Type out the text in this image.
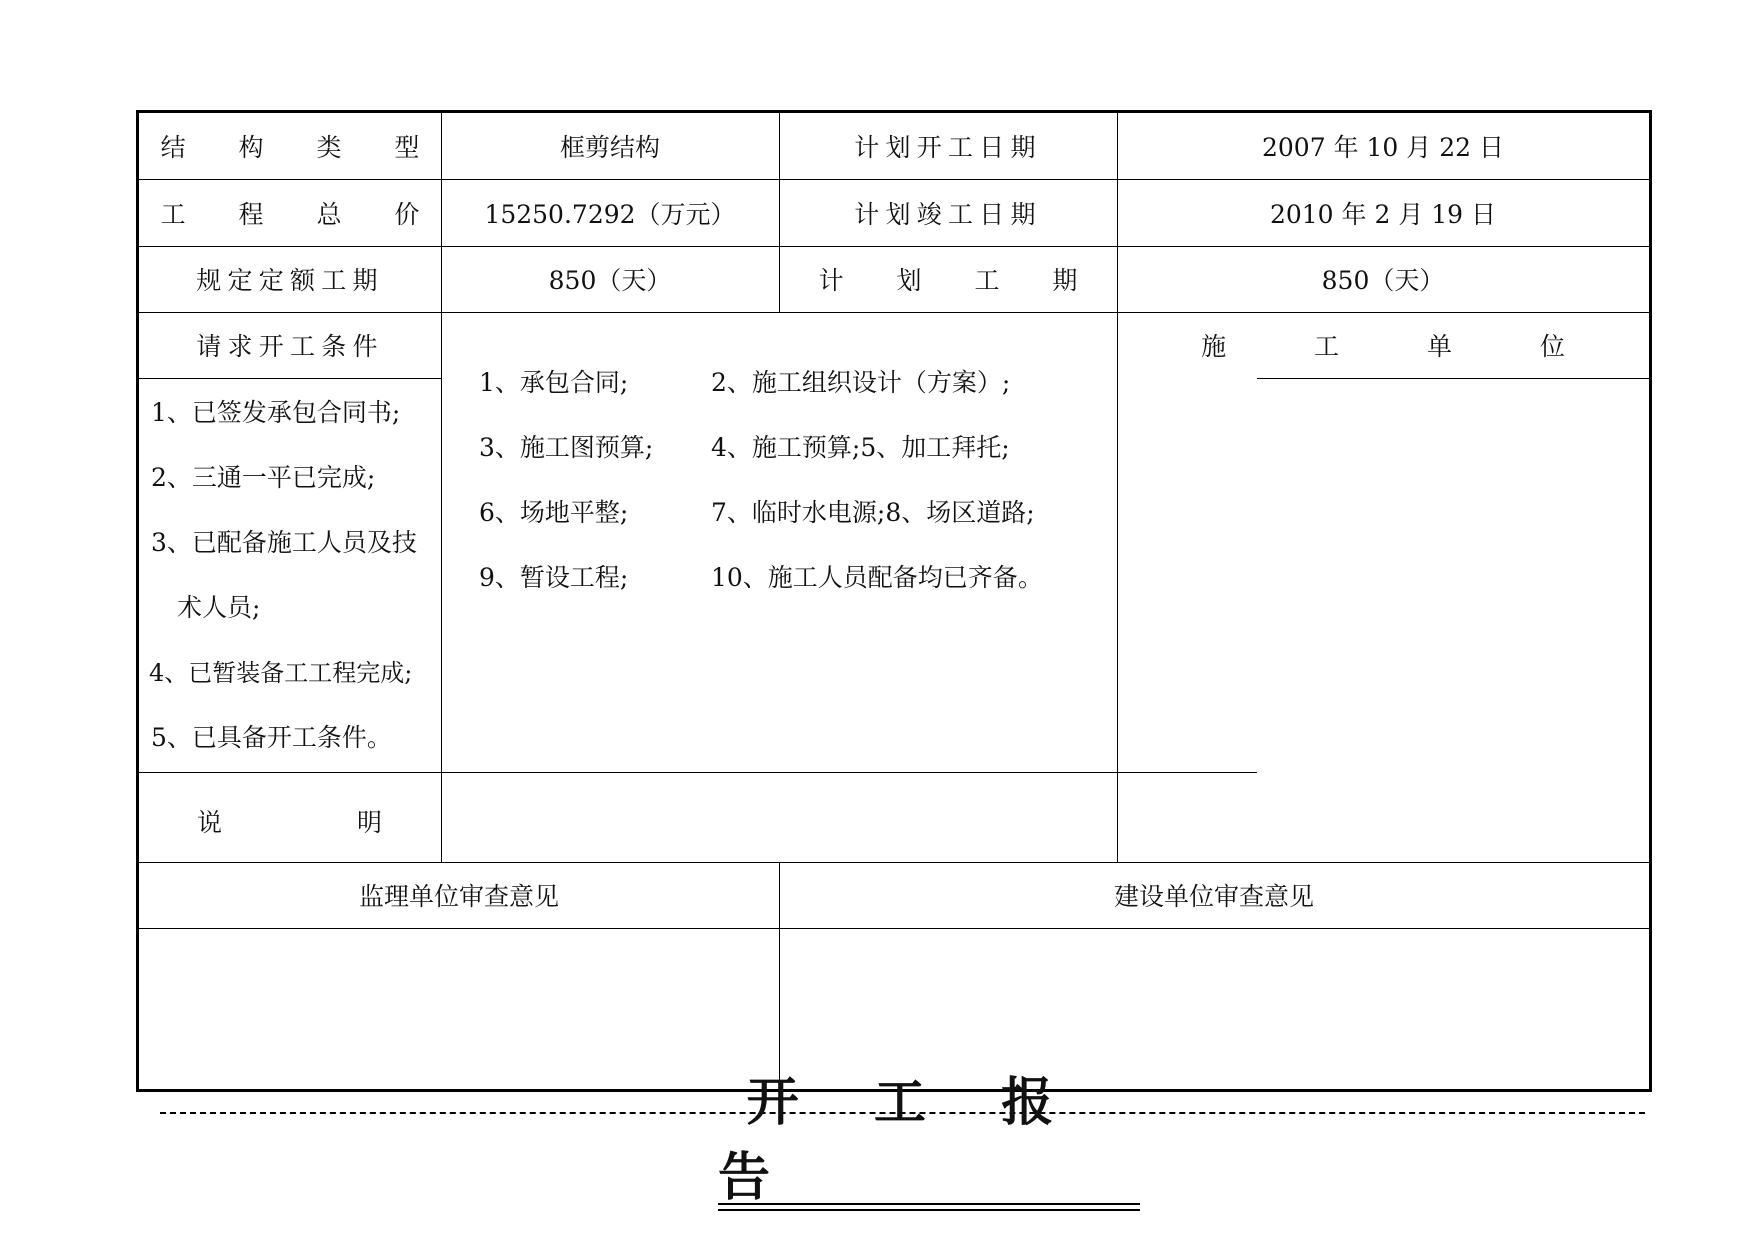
结 构 类 型	框剪结构	计划开工日期	2007 年 10 月 22 日
工 程 总 价	15250.7292（万元）	计划竣工日期	2010 年 2 月 19 日
规定定额工期	850（天）	计 划 工 期	850（天）
请求开工条件	施 工 单 位
1、已签发承包合同书;
2、三通一平已完成;
3、已配备施工人员及技
术人员;
4、已暂装备工工程完成;
5、已具备开工条件。
1、承包合同;	2、施工组织设计（方案）;
3、施工图预算; 4、施工预算;5、加工拜托;
6、场地平整;	7、临时水电源;8、场区道路;
9、暂设工程;	10、施工人员配备均已齐备。
说	明
监理单位审查意见	建设单位审查意见
开 工 报 告
